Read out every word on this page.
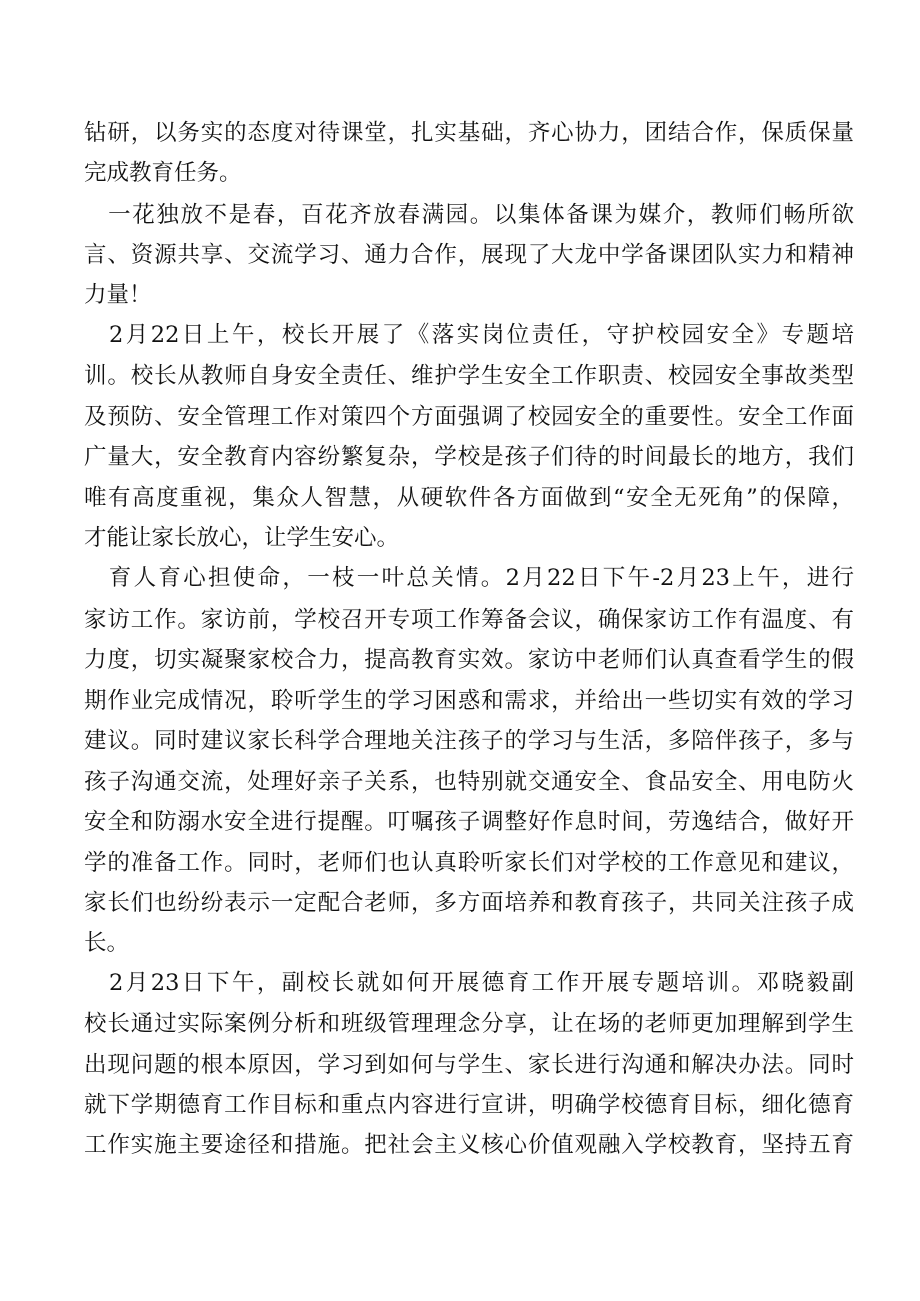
钻研，以务实的态度对待课堂，扎实基础，齐心协力，团结合作，保质保量
完成教育任务。
　一花独放不是春，百花齐放春满园。以集体备课为媒介，教师们畅所欲
言、资源共享、交流学习、通力合作，展现了大龙中学备课团队实力和精神
力量！
　2月22日上午，校长开展了《落实岗位责任，守护校园安全》专题培
训。校长从教师自身安全责任、维护学生安全工作职责、校园安全事故类型
及预防、安全管理工作对策四个方面强调了校园安全的重要性。安全工作面
广量大，安全教育内容纷繁复杂，学校是孩子们待的时间最长的地方，我们
唯有高度重视，集众人智慧，从硬软件各方面做到“安全无死角”的保障，
才能让家长放心，让学生安心。
　育人育心担使命，一枝一叶总关情。2月22日下午-2月23上午，进行
家访工作。家访前，学校召开专项工作筹备会议，确保家访工作有温度、有
力度，切实凝聚家校合力，提高教育实效。家访中老师们认真查看学生的假
期作业完成情况，聆听学生的学习困惑和需求，并给出一些切实有效的学习
建议。同时建议家长科学合理地关注孩子的学习与生活，多陪伴孩子，多与
孩子沟通交流，处理好亲子关系，也特别就交通安全、食品安全、用电防火
安全和防溺水安全进行提醒。叮嘱孩子调整好作息时间，劳逸结合，做好开
学的准备工作。同时，老师们也认真聆听家长们对学校的工作意见和建议，
家长们也纷纷表示一定配合老师，多方面培养和教育孩子，共同关注孩子成
长。
　2月23日下午，副校长就如何开展德育工作开展专题培训。邓晓毅副
校长通过实际案例分析和班级管理理念分享，让在场的老师更加理解到学生
出现问题的根本原因，学习到如何与学生、家长进行沟通和解决办法。同时
就下学期德育工作目标和重点内容进行宣讲，明确学校德育目标，细化德育
工作实施主要途径和措施。把社会主义核心价值观融入学校教育，坚持五育
